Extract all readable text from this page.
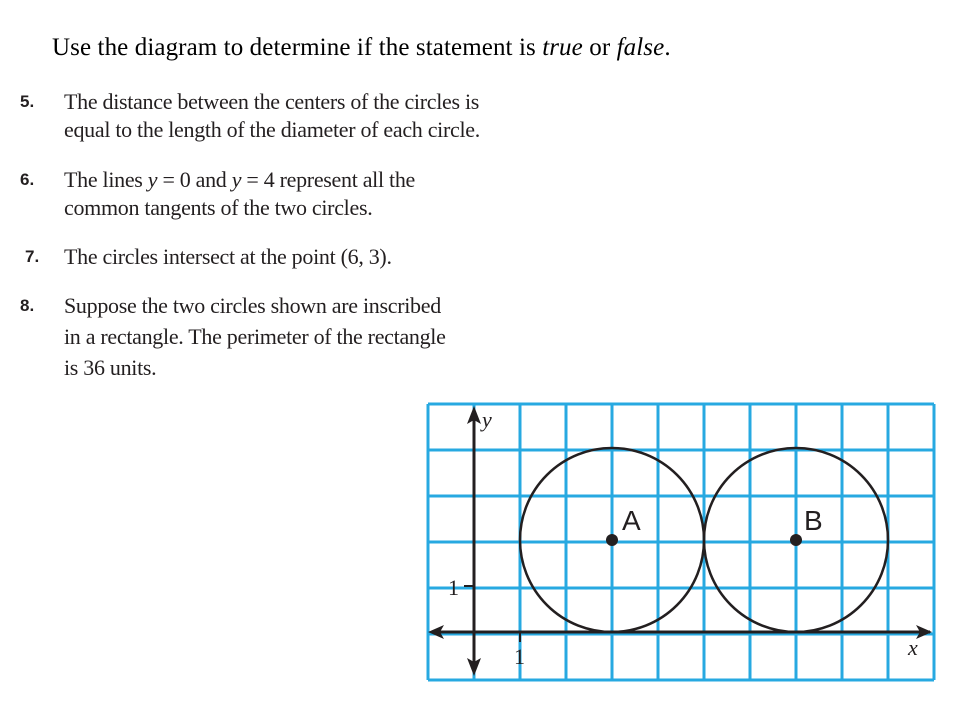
Use the diagram to determine if the statement is true or false.
5. The distance between the centers of the circles is
equal to the length of the diameter of each circle.
6. The lines y = 0 and y = 4 represent all the
common tangents of the two circles.
7. The circles intersect at the point (6, 3).
8. Suppose the two circles shown are inscribed
in a rectangle. The perimeter of the rectangle
is 36 units.
y
x
1
1
A	B
